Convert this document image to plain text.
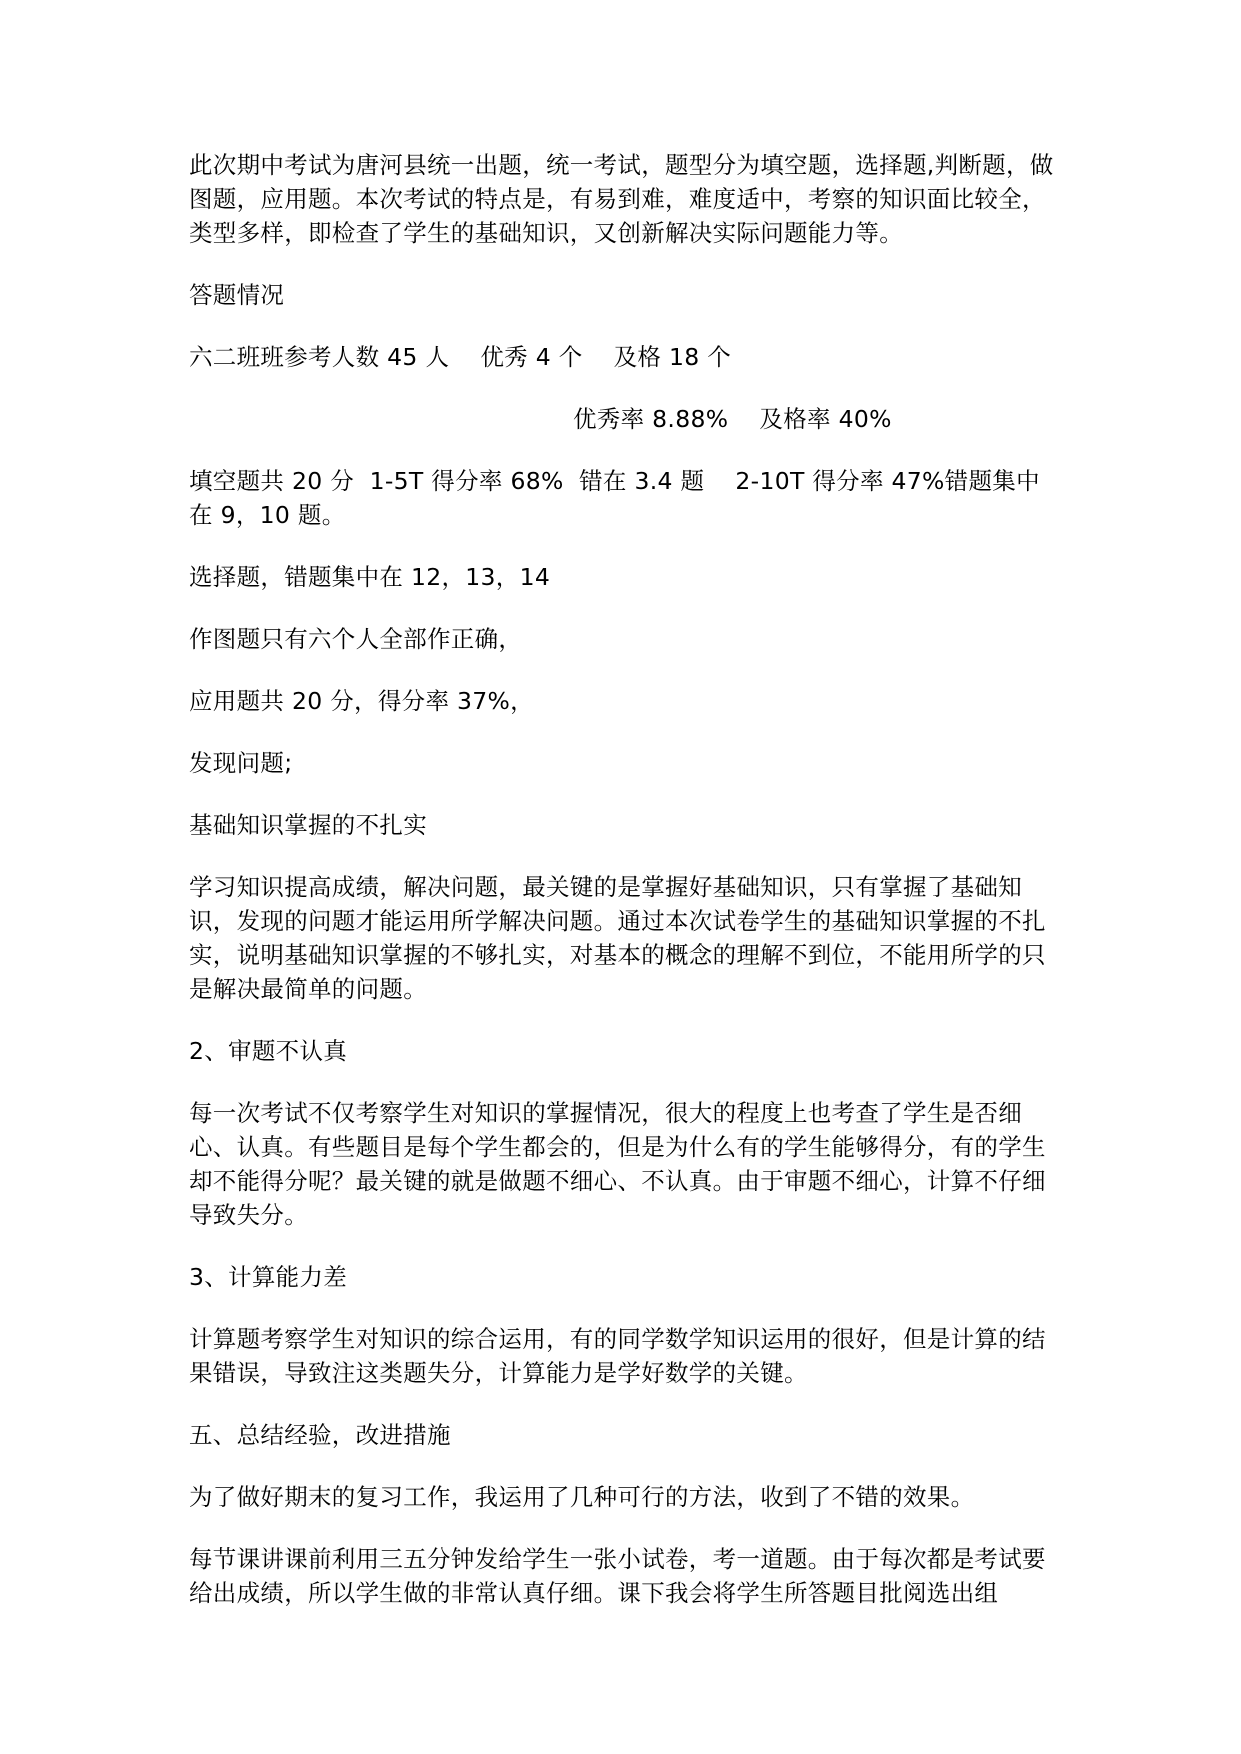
此次期中考试为唐河县统一出题，统一考试，题型分为填空题，选择题,判断题，做图题，应用题。本次考试的特点是，有易到难，难度适中，考察的知识面比较全，类型多样，即检查了学生的基础知识，又创新解决实际问题能力等。

答题情况

六二班班参考人数 45 人    优秀 4 个    及格 18 个

优秀率 8.88%    及格率 40%

填空题共 20 分  1-5T 得分率 68%  错在 3.4 题    2-10T 得分率 47%错题集中在 9，10 题。

选择题，错题集中在 12，13，14

作图题只有六个人全部作正确，

应用题共 20 分，得分率 37%，

发现问题;

基础知识掌握的不扎实

学习知识提高成绩，解决问题，最关键的是掌握好基础知识，只有掌握了基础知识，发现的问题才能运用所学解决问题。通过本次试卷学生的基础知识掌握的不扎实，说明基础知识掌握的不够扎实，对基本的概念的理解不到位，不能用所学的只是解决最简单的问题。

2、审题不认真

每一次考试不仅考察学生对知识的掌握情况，很大的程度上也考查了学生是否细心、认真。有些题目是每个学生都会的，但是为什么有的学生能够得分，有的学生却不能得分呢？最关键的就是做题不细心、不认真。由于审题不细心，计算不仔细导致失分。

3、计算能力差

计算题考察学生对知识的综合运用，有的同学数学知识运用的很好，但是计算的结果错误，导致注这类题失分，计算能力是学好数学的关键。

五、总结经验，改进措施

为了做好期末的复习工作，我运用了几种可行的方法，收到了不错的效果。

每节课讲课前利用三五分钟发给学生一张小试卷，考一道题。由于每次都是考试要给出成绩，所以学生做的非常认真仔细。课下我会将学生所答题目批阅选出组
